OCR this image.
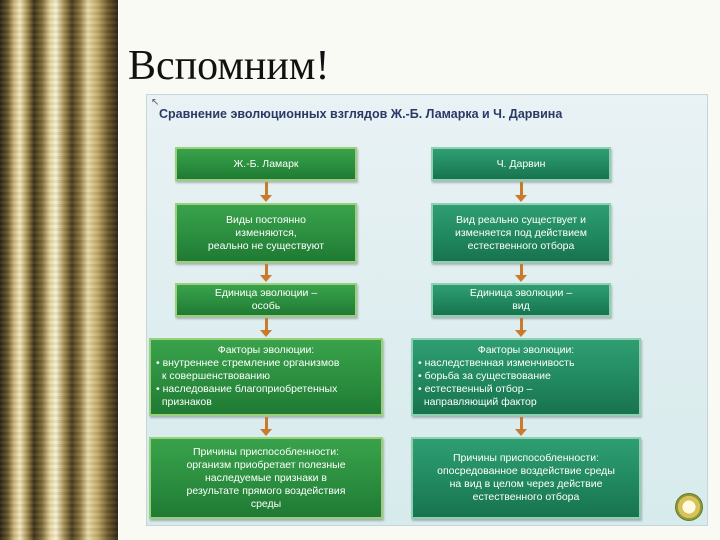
Вспомним!
↖
Сравнение эволюционных взглядов Ж.-Б. Ламарка и Ч. Дарвина
Ж.-Б. Ламарк
Виды постоянно
изменяются,
реально не существуют
Единица эволюции –
особь
Факторы эволюции:
• внутреннее стремление организмов
к совершенствованию
• наследование благоприобретенных
признаков
Причины приспособленности:
организм приобретает полезные
наследуемые признаки в
результате прямого воздействия
среды
Ч. Дарвин
Вид реально существует и
изменяется под действием
естественного отбора
Единица эволюции –
вид
Факторы эволюции:
• наследственная изменчивость
• борьба за существование
• естественный отбор –
направляющий фактор
Причины приспособленности:
опосредованное воздействие среды
на вид в целом через действие
естественного отбора
